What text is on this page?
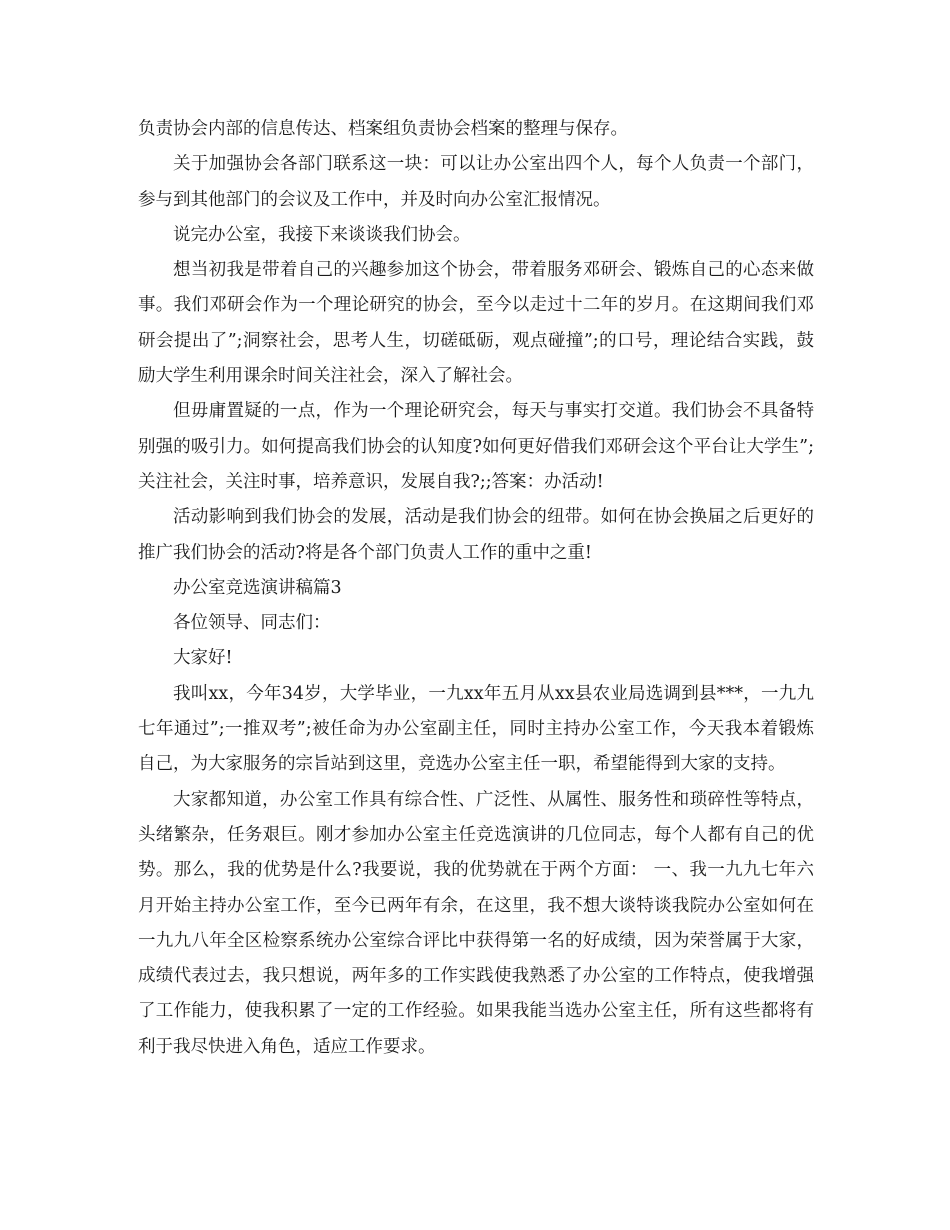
负责协会内部的信息传达、档案组负责协会档案的整理与保存。

关于加强协会各部门联系这一块：可以让办公室出四个人，每个人负责一个部门，参与到其他部门的会议及工作中，并及时向办公室汇报情况。

说完办公室，我接下来谈谈我们协会。

想当初我是带着自己的兴趣参加这个协会，带着服务邓研会、锻炼自己的心态来做事。我们邓研会作为一个理论研究的协会，至今以走过十二年的岁月。在这期间我们邓研会提出了”;洞察社会，思考人生，切磋砥砺，观点碰撞”;的口号，理论结合实践，鼓励大学生利用课余时间关注社会，深入了解社会。

但毋庸置疑的一点，作为一个理论研究会，每天与事实打交道。我们协会不具备特别强的吸引力。如何提高我们协会的认知度?如何更好借我们邓研会这个平台让大学生”;关注社会，关注时事，培养意识，发展自我?;;答案：办活动!

活动影响到我们协会的发展，活动是我们协会的纽带。如何在协会换届之后更好的推广我们协会的活动?将是各个部门负责人工作的重中之重!

办公室竞选演讲稿篇3

各位领导、同志们：

大家好!

我叫xx，今年34岁，大学毕业，一九xx年五月从xx县农业局选调到县***，一九九七年通过”;一推双考”;被任命为办公室副主任，同时主持办公室工作，今天我本着锻炼自己，为大家服务的宗旨站到这里，竞选办公室主任一职，希望能得到大家的支持。

大家都知道，办公室工作具有综合性、广泛性、从属性、服务性和琐碎性等特点，头绪繁杂，任务艰巨。刚才参加办公室主任竞选演讲的几位同志，每个人都有自己的优势。那么，我的优势是什么?我要说，我的优势就在于两个方面： 一、我一九九七年六月开始主持办公室工作，至今已两年有余，在这里，我不想大谈特谈我院办公室如何在一九九八年全区检察系统办公室综合评比中获得第一名的好成绩，因为荣誉属于大家，成绩代表过去，我只想说，两年多的工作实践使我熟悉了办公室的工作特点，使我增强了工作能力，使我积累了一定的工作经验。如果我能当选办公室主任，所有这些都将有利于我尽快进入角色，适应工作要求。
